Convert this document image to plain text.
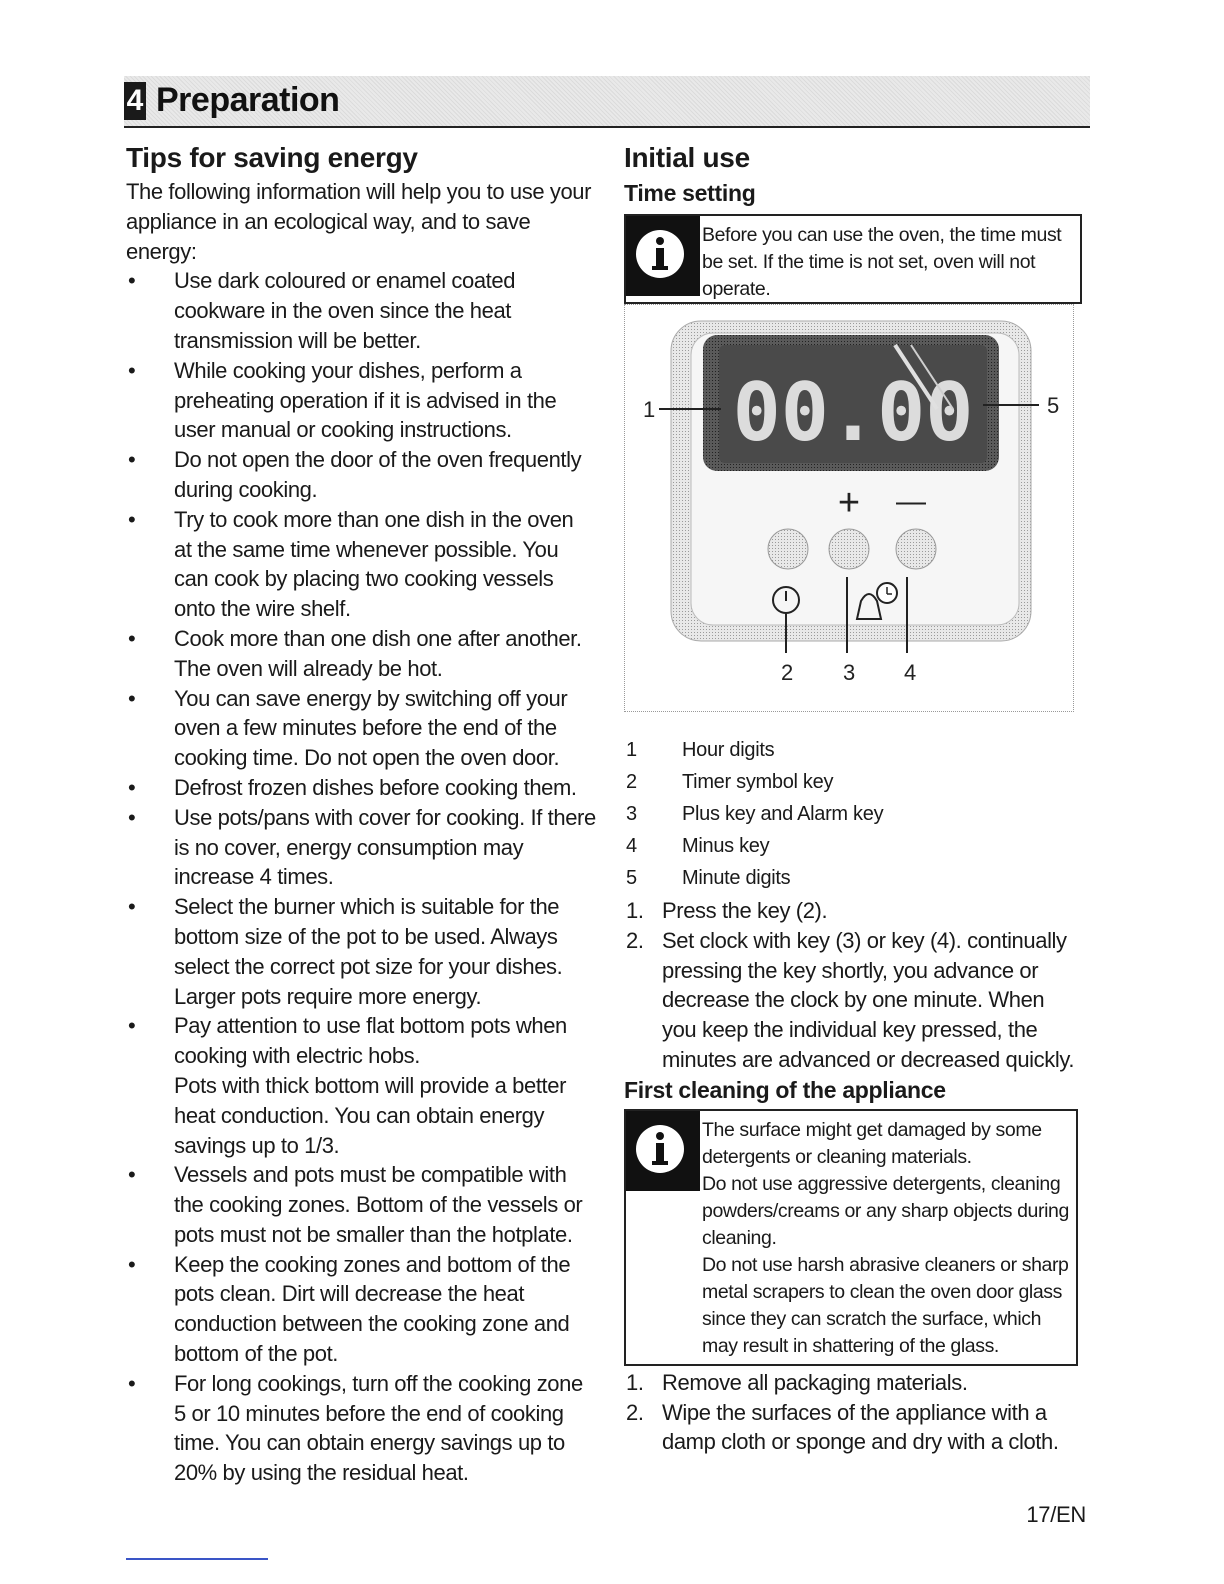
4 Preparation
Tips for saving energy

The following information will help you to use your appliance in an ecological way, and to save energy:

• Use dark coloured or enamel coated cookware in the oven since the heat transmission will be better.
• While cooking your dishes, perform a preheating operation if it is advised in the user manual or cooking instructions.
• Do not open the door of the oven frequently during cooking.
• Try to cook more than one dish in the oven at the same time whenever possible. You can cook by placing two cooking vessels onto the wire shelf.
• Cook more than one dish one after another. The oven will already be hot.
• You can save energy by switching off your oven a few minutes before the end of the cooking time. Do not open the oven door.
• Defrost frozen dishes before cooking them.
• Use pots/pans with cover for cooking. If there is no cover, energy consumption may increase 4 times.
• Select the burner which is suitable for the bottom size of the pot to be used. Always select the correct pot size for your dishes. Larger pots require more energy.
• Pay attention to use flat bottom pots when cooking with electric hobs.
Pots with thick bottom will provide a better heat conduction. You can obtain energy savings up to 1/3.
• Vessels and pots must be compatible with the cooking zones. Bottom of the vessels or pots must not be smaller than the hotplate.
• Keep the cooking zones and bottom of the pots clean. Dirt will decrease the heat conduction between the cooking zone and bottom of the pot.
• For long cookings, turn off the cooking zone 5 or 10 minutes before the end of cooking time. You can obtain energy savings up to 20% by using the residual heat.
Initial use
Time setting
Before you can use the oven, the time must be set. If the time is not set, oven will not operate.
00.00
+ —
1
2 3 4
5
1	Hour digits
2	Timer symbol key
3	Plus key and Alarm key
4	Minus key
5	Minute digits
1. Press the key (2).
2. Set clock with key (3) or key (4). continually pressing the key shortly, you advance or decrease the clock by one minute. When you keep the individual key pressed, the minutes are advanced or decreased quickly.
First cleaning of the appliance
The surface might get damaged by some detergents or cleaning materials.
Do not use aggressive detergents, cleaning powders/creams or any sharp objects during cleaning.
Do not use harsh abrasive cleaners or sharp metal scrapers to clean the oven door glass since they can scratch the surface, which may result in shattering of the glass.
1. Remove all packaging materials.
2. Wipe the surfaces of the appliance with a damp cloth or sponge and dry with a cloth.
17/EN
